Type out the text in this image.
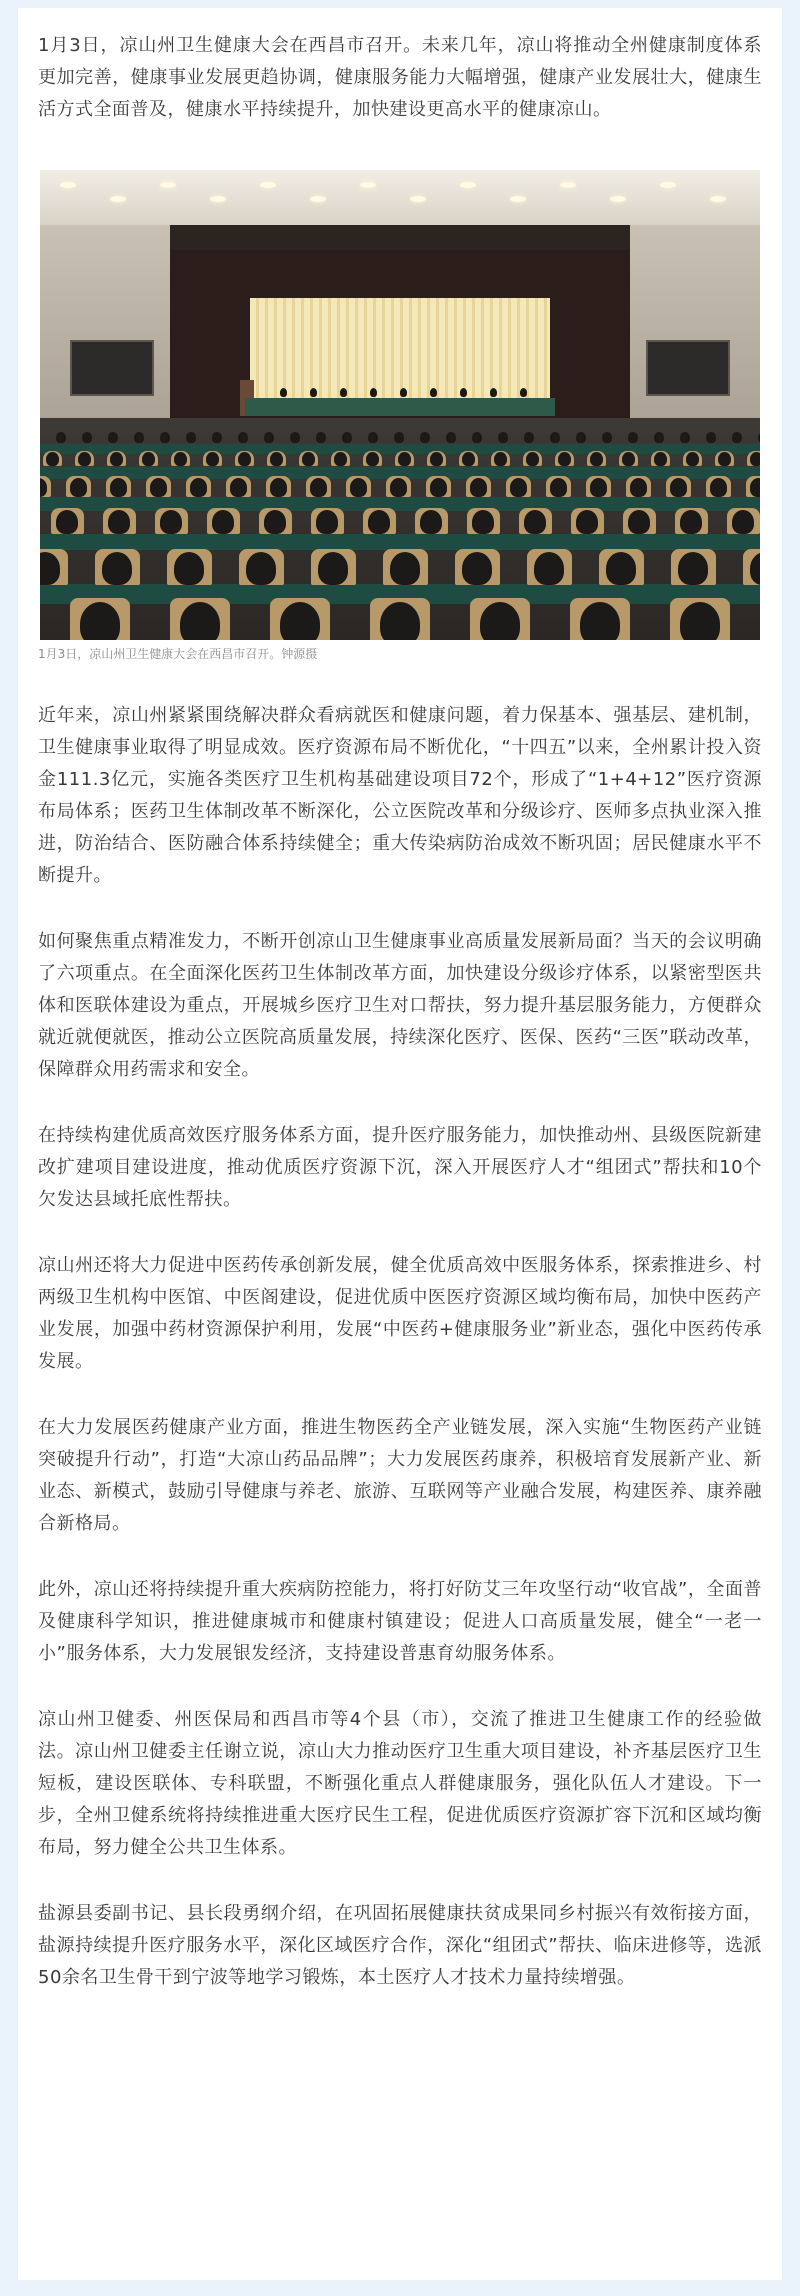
1月3日，凉山州卫生健康大会在西昌市召开。未来几年，凉山将推动全州健康制度体系更加完善，健康事业发展更趋协调，健康服务能力大幅增强，健康产业发展壮大，健康生活方式全面普及，健康水平持续提升，加快建设更高水平的健康凉山。

1月3日，凉山州卫生健康大会在西昌市召开。钟源摄

近年来，凉山州紧紧围绕解决群众看病就医和健康问题，着力保基本、强基层、建机制，卫生健康事业取得了明显成效。医疗资源布局不断优化，“十四五”以来，全州累计投入资金111.3亿元，实施各类医疗卫生机构基础建设项目72个，形成了“1+4+12”医疗资源布局体系；医药卫生体制改革不断深化，公立医院改革和分级诊疗、医师多点执业深入推进，防治结合、医防融合体系持续健全；重大传染病防治成效不断巩固；居民健康水平不断提升。

如何聚焦重点精准发力，不断开创凉山卫生健康事业高质量发展新局面？当天的会议明确了六项重点。在全面深化医药卫生体制改革方面，加快建设分级诊疗体系，以紧密型医共体和医联体建设为重点，开展城乡医疗卫生对口帮扶，努力提升基层服务能力，方便群众就近就便就医，推动公立医院高质量发展，持续深化医疗、医保、医药“三医”联动改革，保障群众用药需求和安全。

在持续构建优质高效医疗服务体系方面，提升医疗服务能力，加快推动州、县级医院新建改扩建项目建设进度，推动优质医疗资源下沉，深入开展医疗人才“组团式”帮扶和10个欠发达县域托底性帮扶。

凉山州还将大力促进中医药传承创新发展，健全优质高效中医服务体系，探索推进乡、村两级卫生机构中医馆、中医阁建设，促进优质中医医疗资源区域均衡布局，加快中医药产业发展，加强中药材资源保护利用，发展“中医药+健康服务业”新业态，强化中医药传承发展。

在大力发展医药健康产业方面，推进生物医药全产业链发展，深入实施“生物医药产业链突破提升行动”，打造“大凉山药品品牌”；大力发展医药康养，积极培育发展新产业、新业态、新模式，鼓励引导健康与养老、旅游、互联网等产业融合发展，构建医养、康养融合新格局。

此外，凉山还将持续提升重大疾病防控能力，将打好防艾三年攻坚行动“收官战”，全面普及健康科学知识，推进健康城市和健康村镇建设；促进人口高质量发展，健全“一老一小”服务体系，大力发展银发经济，支持建设普惠育幼服务体系。

凉山州卫健委、州医保局和西昌市等4个县（市），交流了推进卫生健康工作的经验做法。凉山州卫健委主任谢立说，凉山大力推动医疗卫生重大项目建设，补齐基层医疗卫生短板，建设医联体、专科联盟，不断强化重点人群健康服务，强化队伍人才建设。下一步，全州卫健系统将持续推进重大医疗民生工程，促进优质医疗资源扩容下沉和区域均衡布局，努力健全公共卫生体系。

盐源县委副书记、县长段勇纲介绍，在巩固拓展健康扶贫成果同乡村振兴有效衔接方面，盐源持续提升医疗服务水平，深化区域医疗合作，深化“组团式”帮扶、临床进修等，选派50余名卫生骨干到宁波等地学习锻炼，本土医疗人才技术力量持续增强。
